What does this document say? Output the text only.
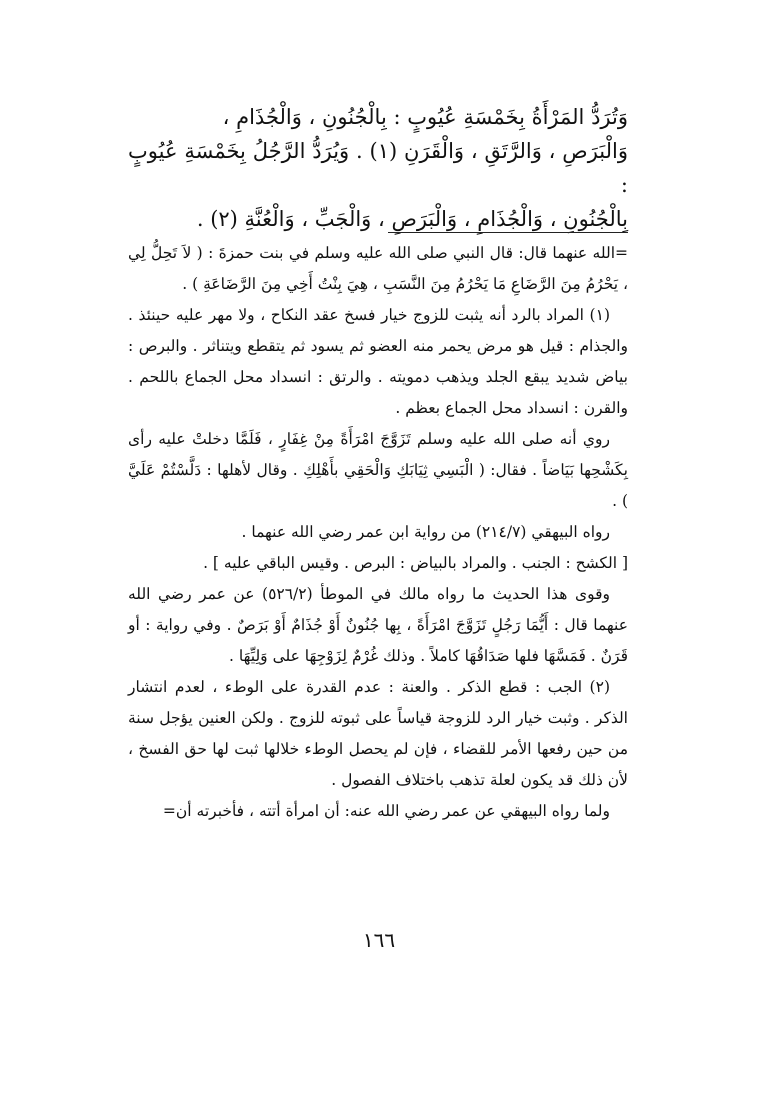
وَتُرَدُّ المَرْأَةُ بِخَمْسَةِ عُيُوبٍ : بِالْجُنُونِ ، وَالْجُذَامِ ،

وَالْبَرَصِ ، وَالرَّتَقِ ، وَالْقَرَنِ (١) . وَيُرَدُّ الرَّجُلُ بِخَمْسَةِ عُيُوبٍ :

بِالْجُنُونِ ، وَالْجُذَامِ ، وَالْبَرَصِ ، وَالْجَبِّ ، وَالْعُنَّةِ (٢) .

=الله عنهما قال: قال النبي صلى الله عليه وسلم في بنت حمزةَ : ( لاَ تَحِلُّ لِي ، يَحْرُمُ مِنَ الرَّضَاعِ مَا يَحْرُمُ مِنَ النَّسَبِ ، هِيَ بِنْتُ أَخِي مِنَ الرَّضَاعَةِ ) .

(١) المراد بالرد أنه يثبت للزوج خيار فسخ عقد النكاح ، ولا مهر عليه حينئذ . والجذام : قيل هو مرض يحمر منه العضو ثم يسود ثم يتقطع ويتناثر . والبرص : بياض شديد يبقع الجلد ويذهب دمويته . والرتق : انسداد محل الجماع باللحم . والقرن : انسداد محل الجماع بعظم .

روي أنه صلى الله عليه وسلم تَزَوَّجَ امْرَأَةً مِنْ غِفَارٍ ، فَلَمَّا دخلتْ عليه رأى بِكَشْحِها بَيَاضاً . فقال: ( الْبَسِي ثِيَابَكِ وَالْحَقِي بأَهْلِكِ . وقال لأهلها : دَلَّسْتُمْ عَلَيَّ ) .

رواه البيهقي (٢١٤/٧) من رواية ابن عمر رضي الله عنهما .

[ الكشح : الجنب . والمراد بالبياض : البرص . وقيس الباقي عليه ] .

وقوى هذا الحديث ما رواه مالك في الموطأ (٥٢٦/٢) عن عمر رضي الله عنهما قال : أَيُّمَا رَجُلٍ تَزَوَّجَ امْرَأَةً ، بِها جُنُونٌ أَوْ جُذَامٌ أَوْ بَرَصٌ . وفي رواية : أو قَرَنٌ . فَمَسَّهَا فلها صَدَاقُهَا كاملاً . وذلك غُرْمٌ لِزَوْجِهَا على وَلِيِّهَا .

(٢) الجب : قطع الذكر . والعنة : عدم القدرة على الوطء ، لعدم انتشار الذكر . وثبت خيار الرد للزوجة قياساً على ثبوته للزوج . ولكن العنين يؤجل سنة من حين رفعها الأمر للقضاء ، فإن لم يحصل الوطء خلالها ثبت لها حق الفسخ ، لأن ذلك قد يكون لعلة تذهب باختلاف الفصول .

ولما رواه البيهقي عن عمر رضي الله عنه: أن امرأة أتته ، فأخبرته أن=

١٦٦
